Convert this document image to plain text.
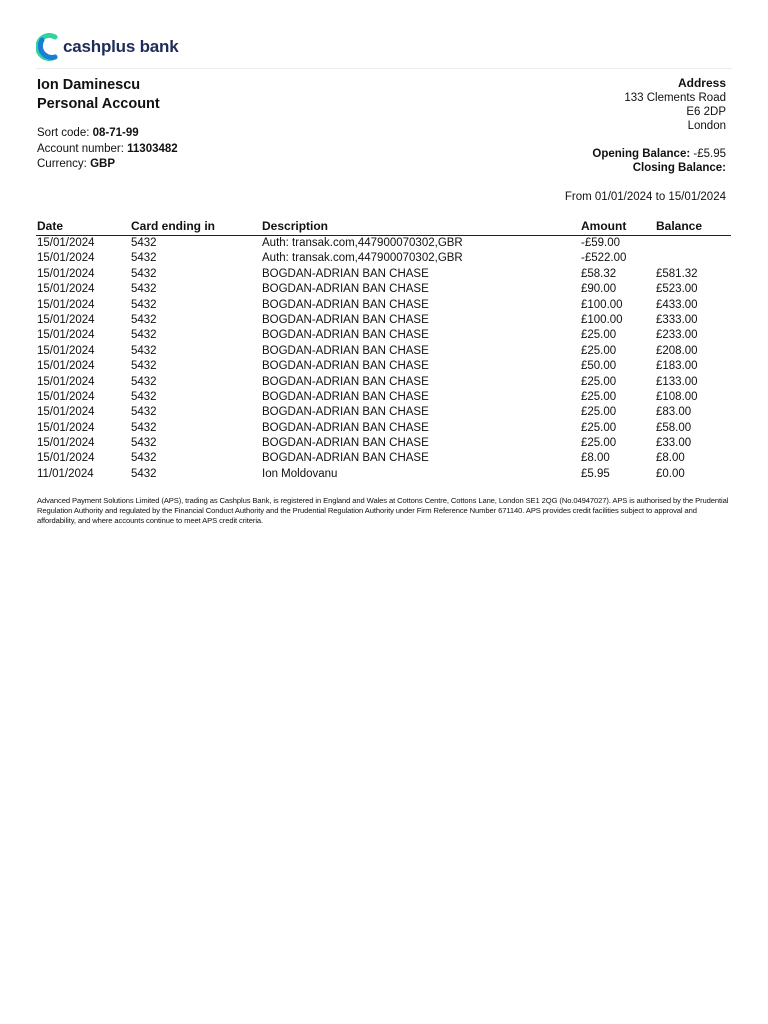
cashplus bank
Ion Daminescu
Personal Account
Sort code: 08-71-99
Account number: 11303482
Currency: GBP
Address
133 Clements Road
E6 2DP
London
Opening Balance: -£5.95
Closing Balance:
From 01/01/2024 to 15/01/2024
Date	Card ending in	Description	Amount Balance
15/01/2024	5432	Auth: transak.com,447900070302,GBR	-£59.00
15/01/2024	5432	Auth: transak.com,447900070302,GBR	-£522.00
15/01/2024	5432	BOGDAN-ADRIAN BAN CHASE	£58.32	£581.32
15/01/2024	5432	BOGDAN-ADRIAN BAN CHASE	£90.00	£523.00
15/01/2024	5432	BOGDAN-ADRIAN BAN CHASE	£100.00	£433.00
15/01/2024	5432	BOGDAN-ADRIAN BAN CHASE	£100.00	£333.00
15/01/2024	5432	BOGDAN-ADRIAN BAN CHASE	£25.00	£233.00
15/01/2024	5432	BOGDAN-ADRIAN BAN CHASE	£25.00	£208.00
15/01/2024	5432	BOGDAN-ADRIAN BAN CHASE	£50.00	£183.00
15/01/2024	5432	BOGDAN-ADRIAN BAN CHASE	£25.00	£133.00
15/01/2024	5432	BOGDAN-ADRIAN BAN CHASE	£25.00	£108.00
15/01/2024	5432	BOGDAN-ADRIAN BAN CHASE	£25.00	£83.00
15/01/2024	5432	BOGDAN-ADRIAN BAN CHASE	£25.00	£58.00
15/01/2024	5432	BOGDAN-ADRIAN BAN CHASE	£25.00	£33.00
15/01/2024	5432	BOGDAN-ADRIAN BAN CHASE	£8.00	£8.00
11/01/2024	5432	Ion Moldovanu	£5.95	£0.00
Advanced Payment Solutions Limited (APS), trading as Cashplus Bank, is registered in England and Wales at Cottons Centre, Cottons Lane, London SE1 2QG (No.04947027). APS is authorised by the Prudential Regulation Authority and regulated by the Financial Conduct Authority and the Prudential Regulation Authority under Firm Reference Number 671140. APS provides credit facilities subject to approval and affordability, and where accounts continue to meet APS credit criteria.
